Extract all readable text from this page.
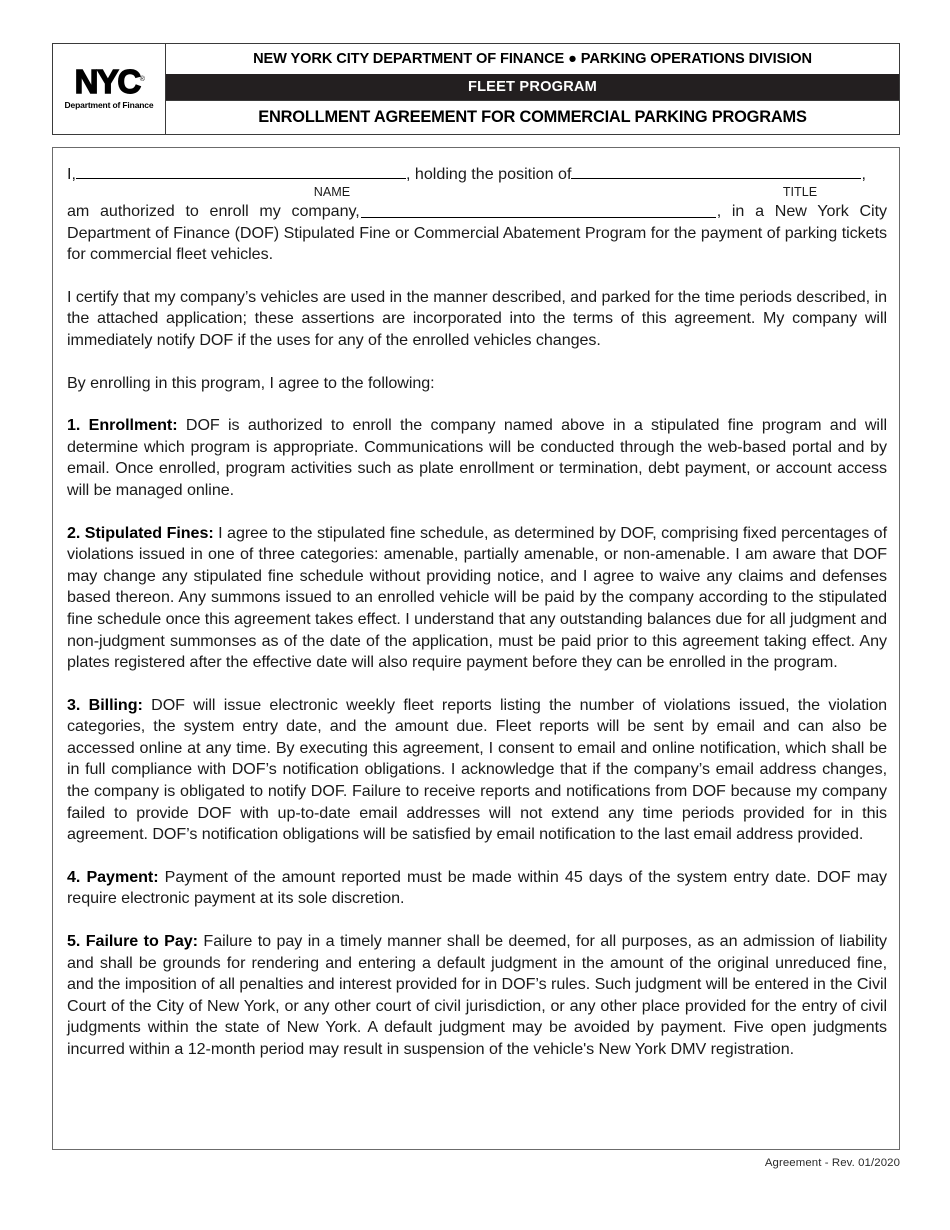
NYC®
Department of Finance
NEW YORK CITY DEPARTMENT OF FINANCE ● PARKING OPERATIONS DIVISION
FLEET PROGRAM
ENROLLMENT AGREEMENT FOR COMMERCIAL PARKING PROGRAMS
I,	, holding the position of	,
NAME	TITLE

am authorized to enroll my company,	, in a New York City Department of Finance (DOF) Stipulated Fine or Commercial Abatement Program for the payment of parking tickets for commercial fleet vehicles.

I certify that my company’s vehicles are used in the manner described, and parked for the time periods described, in the attached application; these assertions are incorporated into the terms of this agreement. My company will immediately notify DOF if the uses for any of the enrolled vehicles changes.

By enrolling in this program, I agree to the following:

1. Enrollment: DOF is authorized to enroll the company named above in a stipulated fine program and will determine which program is appropriate. Communications will be conducted through the web-based portal and by email. Once enrolled, program activities such as plate enrollment or termination, debt payment, or account access will be managed online.

2. Stipulated Fines: I agree to the stipulated fine schedule, as determined by DOF, comprising fixed percentages of violations issued in one of three categories: amenable, partially amenable, or non-amenable. I am aware that DOF may change any stipulated fine schedule without providing notice, and I agree to waive any claims and defenses based thereon. Any summons issued to an enrolled vehicle will be paid by the company according to the stipulated fine schedule once this agreement takes effect. I understand that any outstanding balances due for all judgment and non-judgment summonses as of the date of the application, must be paid prior to this agreement taking effect. Any plates registered after the effective date will also require payment before they can be enrolled in the program.

3. Billing: DOF will issue electronic weekly fleet reports listing the number of violations issued, the violation categories, the system entry date, and the amount due. Fleet reports will be sent by email and can also be accessed online at any time. By executing this agreement, I consent to email and online notification, which shall be in full compliance with DOF’s notification obligations. I acknowledge that if the company’s email address changes, the company is obligated to notify DOF. Failure to receive reports and notifications from DOF because my company failed to provide DOF with up-to-date email addresses will not extend any time periods provided for in this agreement. DOF’s notification obligations will be satisfied by email notification to the last email address provided.

4. Payment: Payment of the amount reported must be made within 45 days of the system entry date. DOF may require electronic payment at its sole discretion.

5. Failure to Pay: Failure to pay in a timely manner shall be deemed, for all purposes, as an admission of liability and shall be grounds for rendering and entering a default judgment in the amount of the original unreduced fine, and the imposition of all penalties and interest provided for in DOF’s rules. Such judgment will be entered in the Civil Court of the City of New York, or any other court of civil jurisdiction, or any other place provided for the entry of civil judgments within the state of New York. A default judgment may be avoided by payment. Five open judgments incurred within a 12-month period may result in suspension of the vehicle's New York DMV registration.

Agreement - Rev. 01/2020
